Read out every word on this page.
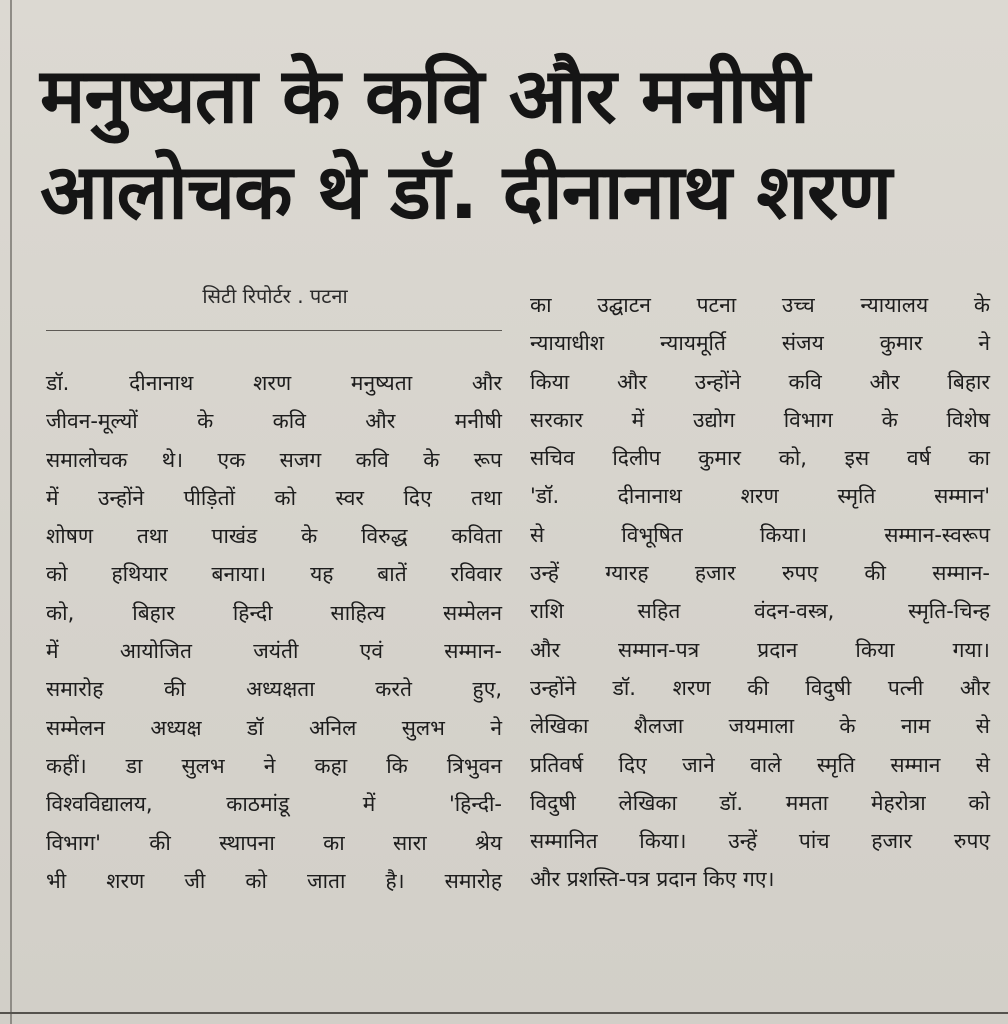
मनुष्यता के कवि और मनीषी
आलोचक थे डॉ. दीनानाथ शरण
सिटी रिपोर्टर . पटना
डॉ. दीनानाथ शरण मनुष्यता और
जीवन-मूल्यों के कवि और मनीषी
समालोचक थे। एक सजग कवि के रूप
में उन्होंने पीड़ितों को स्वर दिए तथा
शोषण तथा पाखंड के विरुद्ध कविता
को हथियार बनाया। यह बातें रविवार
को, बिहार हिन्दी साहित्य सम्मेलन
में आयोजित जयंती एवं सम्मान-
समारोह की अध्यक्षता करते हुए,
सम्मेलन अध्यक्ष डॉ अनिल सुलभ ने
कहीं। डा सुलभ ने कहा कि त्रिभुवन
विश्वविद्यालय, काठमांडू में 'हिन्दी-
विभाग' की स्थापना का सारा श्रेय
भी शरण जी को जाता है। समारोह
का उद्घाटन पटना उच्च न्यायालय के
न्यायाधीश न्यायमूर्ति संजय कुमार ने
किया और उन्होंने कवि और बिहार
सरकार में उद्योग विभाग के विशेष
सचिव दिलीप कुमार को, इस वर्ष का
'डॉ. दीनानाथ शरण स्मृति सम्मान'
से विभूषित किया। सम्मान-स्वरूप
उन्हें ग्यारह हजार रुपए की सम्मान-
राशि सहित वंदन-वस्त्र, स्मृति-चिन्ह
और सम्मान-पत्र प्रदान किया गया।
उन्होंने डॉ. शरण की विदुषी पत्नी और
लेखिका शैलजा जयमाला के नाम से
प्रतिवर्ष दिए जाने वाले स्मृति सम्मान से
विदुषी लेखिका डॉ. ममता मेहरोत्रा को
सम्मानित किया। उन्हें पांच हजार रुपए
और प्रशस्ति-पत्र प्रदान किए गए।
